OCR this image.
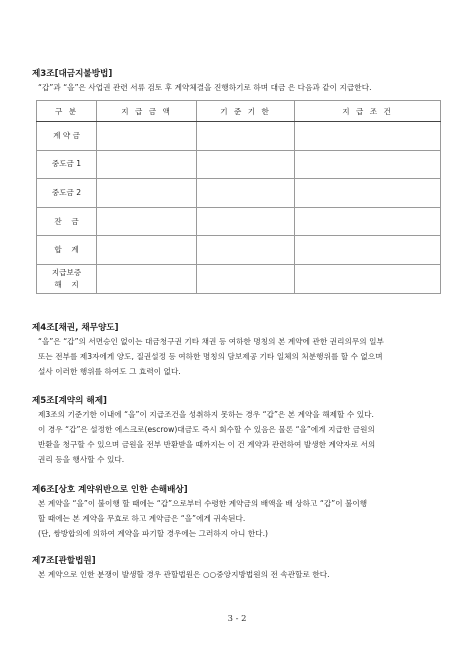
제3조[대금지불방법]
“갑”과 “을”은 사업권 관련 서류 검토 후 계약체결을 진행하기로 하며 대금 은 다음과 같이 지급한다.
구 분	지 급 금 액	기 준 기 한	지 급 조 건
계 약 금			
중도금 1			
중도금 2			
잔    금			
합    계			
지급보증
해    지			
제4조[채권, 채무양도]
“을”은 “갑”의 서면승인 없이는 대금청구권 기타 채권 등 여하한 명칭의 본 계약에 관한 권리의무의 일부
또는 전부를 제3자에게 양도, 질권설정 등 여하한 명칭의 담보제공 기타 일체의 처분행위를 할 수 없으며
설사 이러한 행위를 하여도 그 효력이 없다.
제5조[계약의 해제]
제3조의 기준기한 이내에 “을”이 지급조건을 성취하지 못하는 경우 “갑”은 본 계약을 해제할 수 있다.
이 경우 “갑”은 설정한 에스크로(escrow)대금도 즉시 회수할 수 있음은 물론 “을”에게 지급한 금원의
반환을 청구할 수 있으며 금원을 전부 반환받을 때까지는 이 건 계약과 관련하여 발생한 계약자로 서의
권리 등을 행사할 수 있다.
제6조[상호 계약위반으로 인한 손해배상]
본 계약을 “을”이 불이행 할 때에는 “갑”으로부터 수령한 계약금의 배액을 배 상하고 “갑”이 불이행
할 때에는 본 계약을 무효로 하고 계약금은 “을”에게 귀속된다.
(단, 쌍방합의에 의하여 계약을 파기할 경우에는 그러하지 아니 한다.)
제7조[관할법원]
본 계약으로 인한 분쟁이 발생할 경우 관할법원은 ○○중앙지방법원의 전 속관할로 한다.
3 - 2
